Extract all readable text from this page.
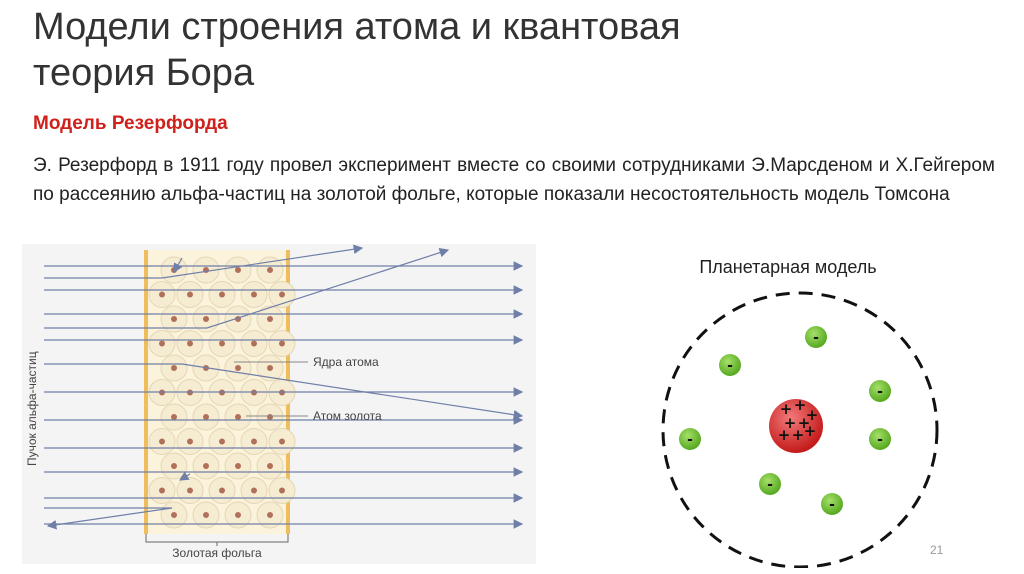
Модели строения атома и квантовая
теория Бора
Модель Резерфорда

Э. Резерфорд в 1911 году провел эксперимент вместе со своими сотрудниками Э.Марсденом и Х.Гейгером по рассеянию альфа-частиц на золотой фольге, которые показали несостоятельность модель Томсона

Ядра атома
Атом золота
Пучок альфа-частиц
Золотая фольга
Планетарная модель
+ +
+
+ +
+ + +
-
-
-
-	-
-
-
21
